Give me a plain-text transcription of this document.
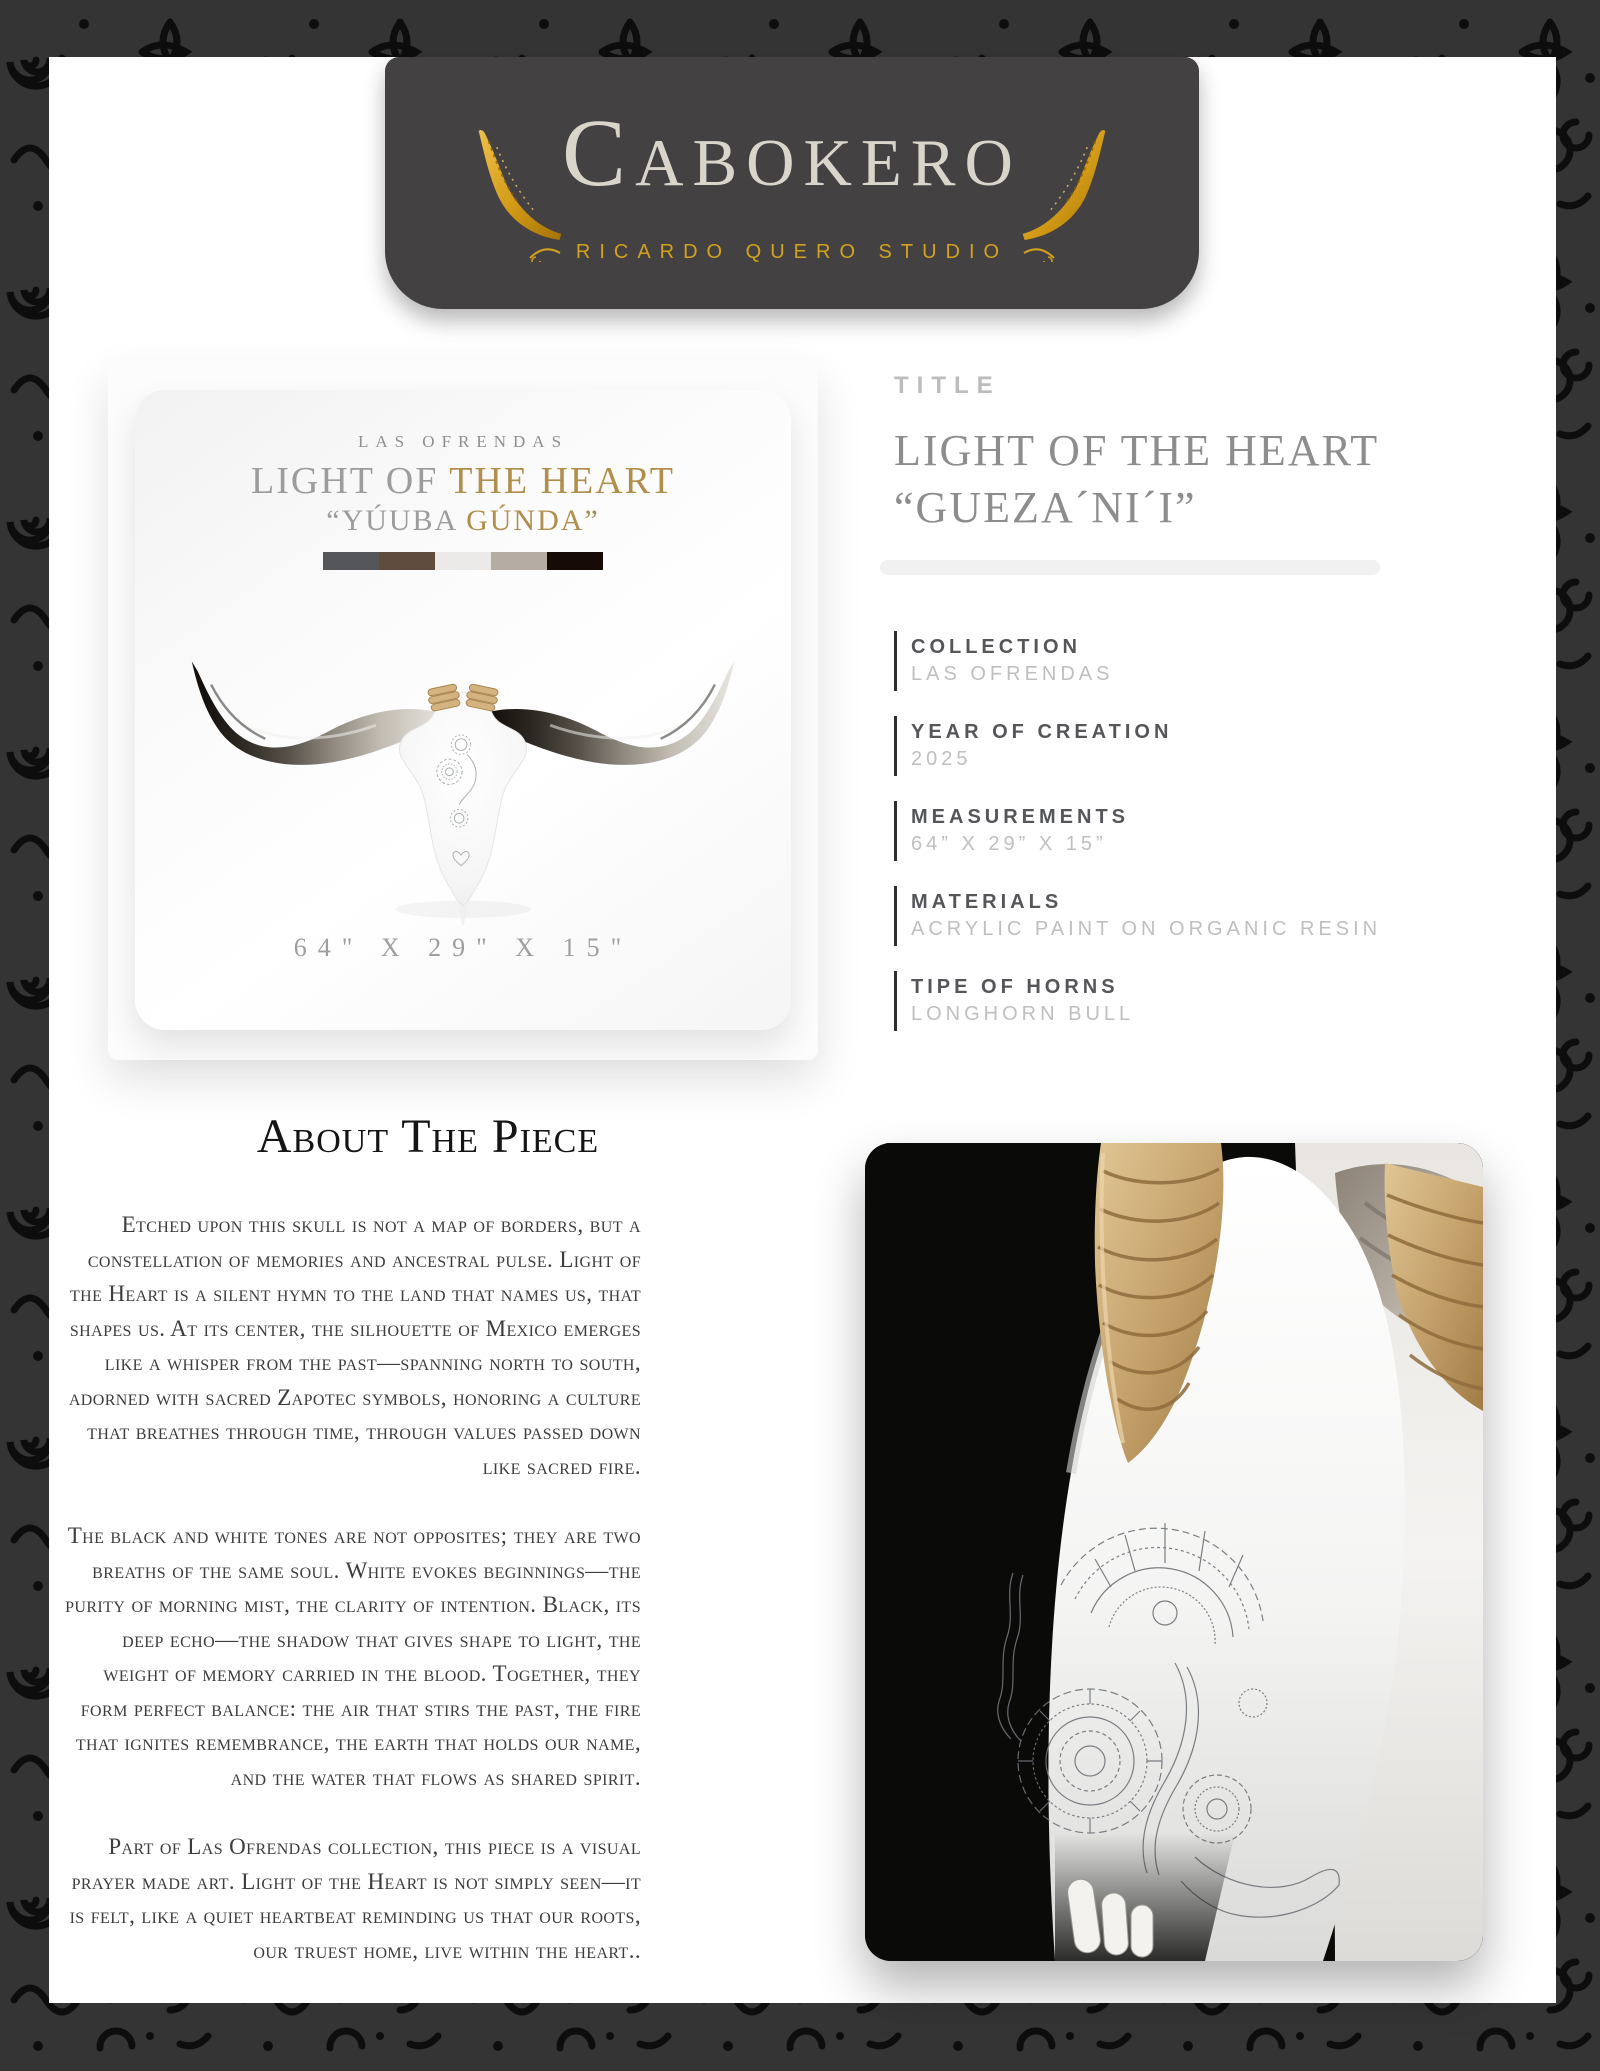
Cabokero
RICARDO QUERO STUDIO
LAS OFRENDAS
LIGHT OF THE HEART
“YÚUBA GÚNDA”
64" X 29" X 15"
TITLE
LIGHT OF THE HEART
“GUEZA´NI´I”
COLLECTION
LAS OFRENDAS
YEAR OF CREATION
2025
MEASUREMENTS
64” X 29” X 15”
MATERIALS
ACRYLIC PAINT ON ORGANIC RESIN
TIPE OF HORNS
LONGHORN BULL
About The Piece

Etched upon this skull is not a map of borders, but a constellation of memories and ancestral pulse. Light of the Heart is a silent hymn to the land that names us, that shapes us. At its center, the silhouette of Mexico emerges like a whisper from the past—spanning north to south, adorned with sacred Zapotec symbols, honoring a culture that breathes through time, through values passed down like sacred fire.

The black and white tones are not opposites; they are two breaths of the same soul. White evokes beginnings—the purity of morning mist, the clarity of intention. Black, its deep echo—the shadow that gives shape to light, the weight of memory carried in the blood. Together, they form perfect balance: the air that stirs the past, the fire that ignites remembrance, the earth that holds our name, and the water that flows as shared spirit.

Part of Las Ofrendas collection, this piece is a visual prayer made art. Light of the Heart is not simply seen—it is felt, like a quiet heartbeat reminding us that our roots, our truest home, live within the heart..
